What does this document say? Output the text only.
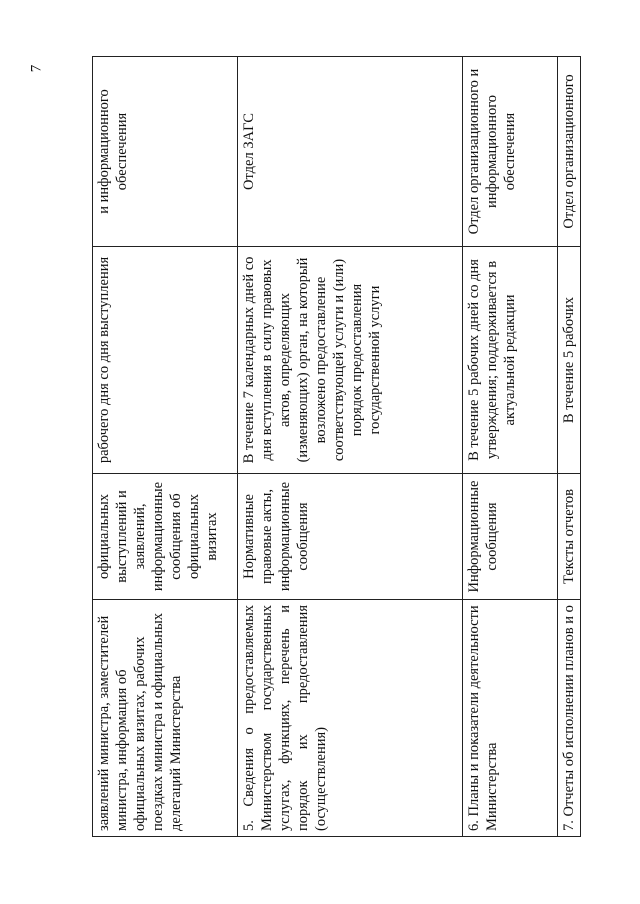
7
заявлений министра, заместителей министра, информация об официальных визитах, рабочих поездках министра и официальных делегаций Министерства	официальных выступлений и заявлений, информационные сообщения об официальных визитах	рабочего дня со дня выступления	и информационного обеспечения
5. Сведения о предоставляемых Министерством государственных услугах, функциях, перечень и порядок их предоставления (осуществления)	Нормативные правовые акты, информационные сообщения	В течение 7 календарных дней со дня вступления в силу правовых актов, определяющих (изменяющих) орган, на который возложено предоставление соответствующей услуги и (или) порядок предоставления государственной услуги	Отдел ЗАГС
6. Планы и показатели деятельности Министерства	Информационные сообщения	В течение 5 рабочих дней со дня утверждения; поддерживается в актуальной редакции	Отдел организационного и информационного обеспечения
7. Отчеты об исполнении планов и о	Тексты отчетов	В течение 5 рабочих	Отдел организационного
